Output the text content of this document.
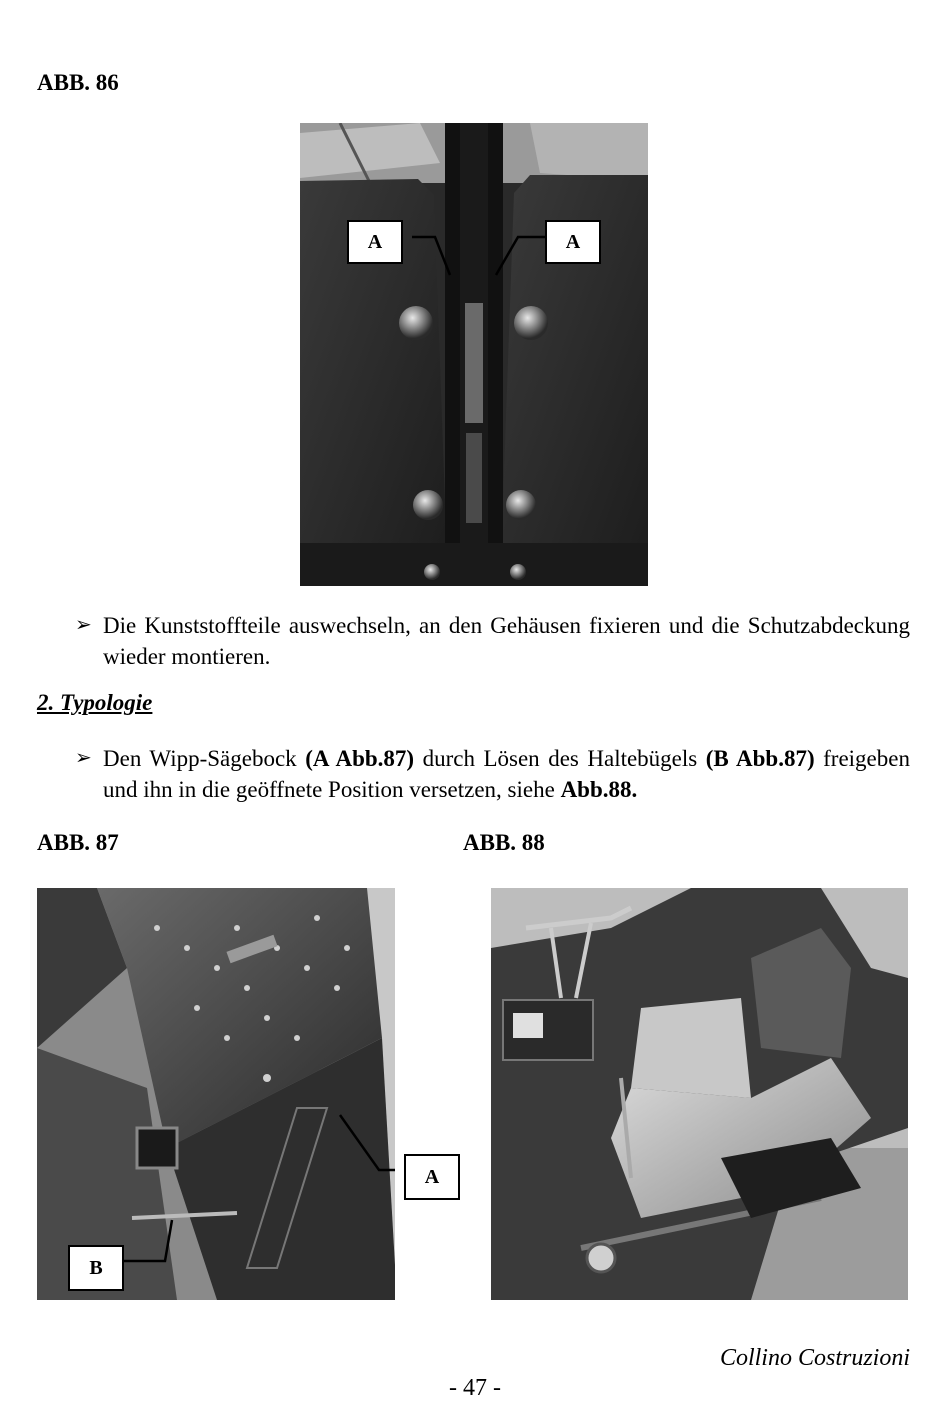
ABB. 86
A	A
➢ Die Kunststoffteile auswechseln, an den Gehäusen fixieren und die Schutzabdeckung wieder montieren.
2. Typologie
➢ Den Wipp-Sägebock (A Abb.87) durch Lösen des Haltebügels (B Abb.87) freigeben und ihn in die geöffnete Position versetzen, siehe Abb.88.
ABB. 87	ABB. 88
A
B
Collino Costruzioni
- 47 -
